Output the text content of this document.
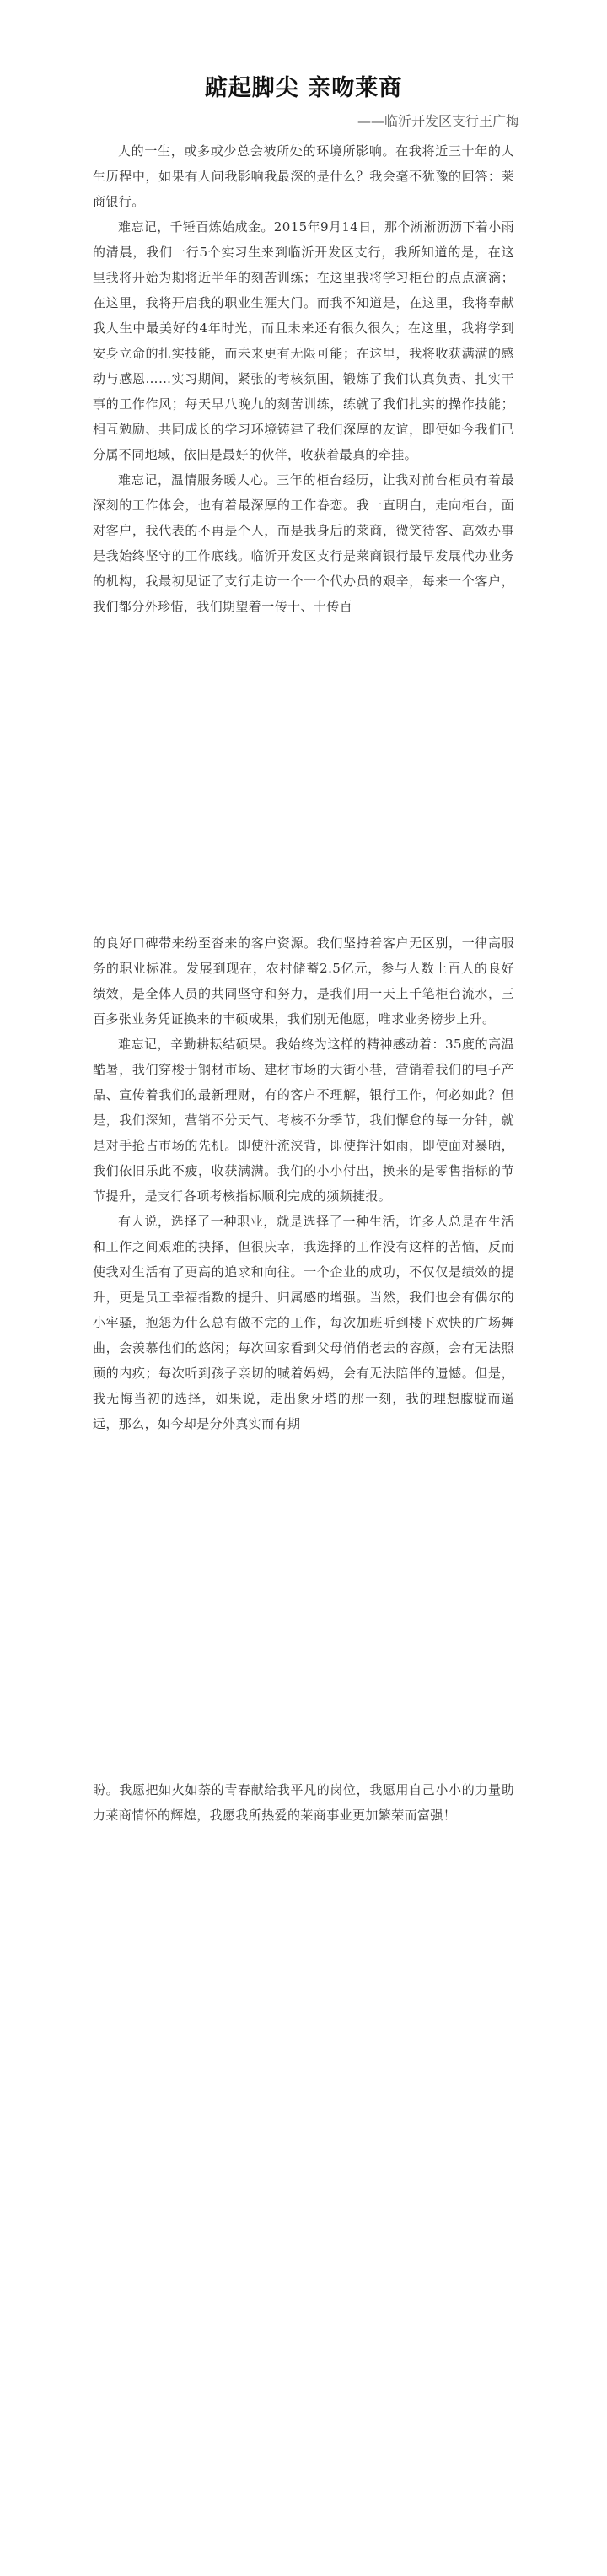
踮起脚尖 亲吻莱商
——临沂开发区支行王广梅

人的一生，或多或少总会被所处的环境所影响。在我将近三十年的人生历程中，如果有人问我影响我最深的是什么？我会毫不犹豫的回答：莱商银行。

难忘记，千锤百炼始成金。2015年9月14日，那个淅淅沥沥下着小雨的清晨，我们一行5个实习生来到临沂开发区支行，我所知道的是，在这里我将开始为期将近半年的刻苦训练；在这里我将学习柜台的点点滴滴；在这里，我将开启我的职业生涯大门。而我不知道是，在这里，我将奉献我人生中最美好的4年时光，而且未来还有很久很久；在这里，我将学到安身立命的扎实技能，而未来更有无限可能；在这里，我将收获满满的感动与感恩……实习期间，紧张的考核氛围，锻炼了我们认真负责、扎实干事的工作作风；每天早八晚九的刻苦训练，练就了我们扎实的操作技能；相互勉励、共同成长的学习环境铸建了我们深厚的友谊，即便如今我们已分属不同地域，依旧是最好的伙伴，收获着最真的牵挂。

难忘记，温情服务暖人心。三年的柜台经历，让我对前台柜员有着最深刻的工作体会，也有着最深厚的工作眷恋。我一直明白，走向柜台，面对客户，我代表的不再是个人，而是我身后的莱商，微笑待客、高效办事是我始终坚守的工作底线。临沂开发区支行是莱商银行最早发展代办业务的机构，我最初见证了支行走访一个一个代办员的艰辛，每来一个客户，我们都分外珍惜，我们期望着一传十、十传百

的良好口碑带来纷至沓来的客户资源。我们坚持着客户无区别，一律高服务的职业标准。发展到现在，农村储蓄2.5亿元，参与人数上百人的良好绩效，是全体人员的共同坚守和努力，是我们用一天上千笔柜台流水，三百多张业务凭证换来的丰硕成果，我们别无他愿，唯求业务榜步上升。

难忘记，辛勤耕耘结硕果。我始终为这样的精神感动着：35度的高温酷暑，我们穿梭于钢材市场、建材市场的大街小巷，营销着我们的电子产品、宣传着我们的最新理财，有的客户不理解，银行工作，何必如此？但是，我们深知，营销不分天气、考核不分季节，我们懈怠的每一分钟，就是对手抢占市场的先机。即使汗流浃背，即使挥汗如雨，即使面对暴晒，我们依旧乐此不疲，收获满满。我们的小小付出，换来的是零售指标的节节提升，是支行各项考核指标顺利完成的频频捷报。

有人说，选择了一种职业，就是选择了一种生活，许多人总是在生活和工作之间艰难的抉择，但很庆幸，我选择的工作没有这样的苦恼，反而使我对生活有了更高的追求和向往。一个企业的成功，不仅仅是绩效的提升，更是员工幸福指数的提升、归属感的增强。当然，我们也会有偶尔的小牢骚，抱怨为什么总有做不完的工作，每次加班听到楼下欢快的广场舞曲，会羡慕他们的悠闲；每次回家看到父母俏俏老去的容颜，会有无法照顾的内疚；每次听到孩子亲切的喊着妈妈，会有无法陪伴的遗憾。但是，我无悔当初的选择，如果说，走出象牙塔的那一刻，我的理想朦胧而遥远，那么，如今却是分外真实而有期

盼。我愿把如火如荼的青春献给我平凡的岗位，我愿用自己小小的力量助力莱商情怀的辉煌，我愿我所热爱的莱商事业更加繁荣而富强！
